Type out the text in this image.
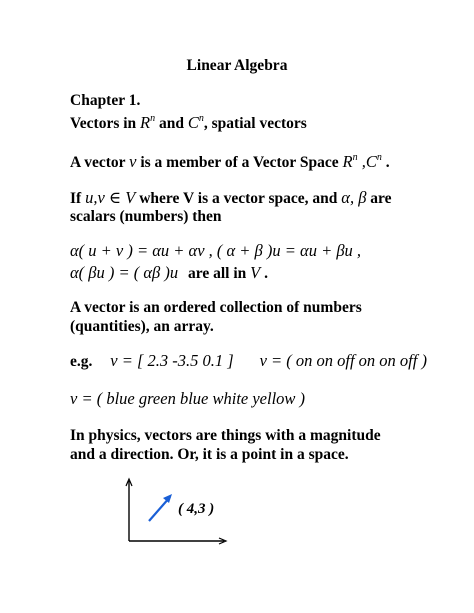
Linear Algebra
Chapter 1.
Vectors in $R^n$ and $C^n$, spatial vectors
A vector v is a member of a Vector Space $R^n$ $,C^n$ .
If u,v ∈ V where V is a vector space, and α, β are
scalars (numbers) then
α( u + v ) = αu + αv , ( α + β )u = αu + βu ,
α( βu ) = ( αβ )u are all in V .
A vector is an ordered collection of numbers
(quantities), an array.
e.g. v = [ 2.3 -3.5 0.1 ] v = ( on on off on on off )
v = ( blue green blue white yellow )
In physics, vectors are things with a magnitude
and a direction. Or, it is a point in a space.
( 4,3 )
